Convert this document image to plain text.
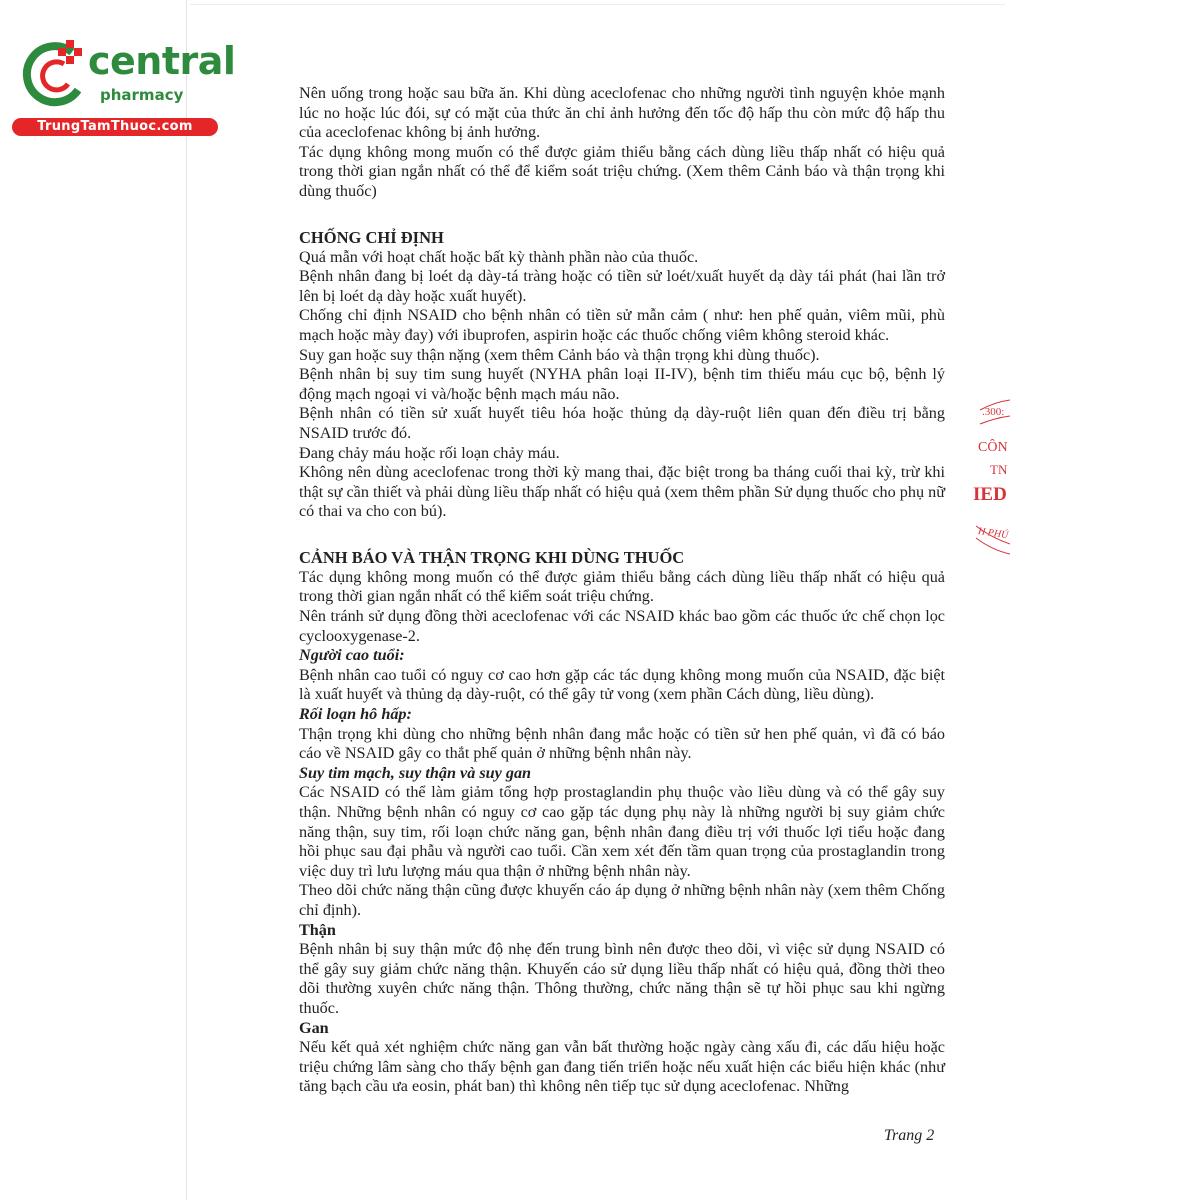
central
pharmacy
TrungTamThuoc.com
.300:
CÔN
TN
IED
H PHÚ

Nên uống trong hoặc sau bữa ăn. Khi dùng aceclofenac cho những người tình nguyện khỏe mạnh lúc no hoặc lúc đói, sự có mặt của thức ăn chỉ ảnh hưởng đến tốc độ hấp thu còn mức độ hấp thu của aceclofenac không bị ảnh hưởng.

Tác dụng không mong muốn có thể được giảm thiểu bằng cách dùng liều thấp nhất có hiệu quả trong thời gian ngắn nhất có thể để kiểm soát triệu chứng. (Xem thêm Cảnh báo và thận trọng khi dùng thuốc)

CHỐNG CHỈ ĐỊNH

Quá mẫn với hoạt chất hoặc bất kỳ thành phần nào của thuốc.

Bệnh nhân đang bị loét dạ dày-tá tràng hoặc có tiền sử loét/xuất huyết dạ dày tái phát (hai lần trở lên bị loét dạ dày hoặc xuất huyết).

Chống chỉ định NSAID cho bệnh nhân có tiền sử mẫn cảm ( như: hen phế quản, viêm mũi, phù mạch hoặc mày đay) với ibuprofen, aspirin hoặc các thuốc chống viêm không steroid khác.

Suy gan hoặc suy thận nặng (xem thêm Cảnh báo và thận trọng khi dùng thuốc).

Bệnh nhân bị suy tim sung huyết (NYHA phân loại II-IV), bệnh tim thiếu máu cục bộ, bệnh lý động mạch ngoại vi và/hoặc bệnh mạch máu não.

Bệnh nhân có tiền sử xuất huyết tiêu hóa hoặc thủng dạ dày-ruột liên quan đến điều trị bằng NSAID trước đó.

Đang chảy máu hoặc rối loạn chảy máu.

Không nên dùng aceclofenac trong thời kỳ mang thai, đặc biệt trong ba tháng cuối thai kỳ, trừ khi thật sự cần thiết và phải dùng liều thấp nhất có hiệu quả (xem thêm phần Sử dụng thuốc cho phụ nữ có thai va cho con bú).

CẢNH BÁO VÀ THẬN TRỌNG KHI DÙNG THUỐC

Tác dụng không mong muốn có thể được giảm thiểu bằng cách dùng liều thấp nhất có hiệu quả trong thời gian ngắn nhất có thể kiểm soát triệu chứng.

Nên tránh sử dụng đồng thời aceclofenac với các NSAID khác bao gồm các thuốc ức chế chọn lọc cyclooxygenase-2.

Người cao tuổi:

Bệnh nhân cao tuổi có nguy cơ cao hơn gặp các tác dụng không mong muốn của NSAID, đặc biệt là xuất huyết và thủng dạ dày-ruột, có thể gây tử vong (xem phần Cách dùng, liều dùng).

Rối loạn hô hấp:

Thận trọng khi dùng cho những bệnh nhân đang mắc hoặc có tiền sử hen phế quản, vì đã có báo cáo về NSAID gây co thắt phế quản ở những bệnh nhân này.

Suy tim mạch, suy thận và suy gan

Các NSAID có thể làm giảm tổng hợp prostaglandin phụ thuộc vào liều dùng và có thể gây suy thận. Những bệnh nhân có nguy cơ cao gặp tác dụng phụ này là những người bị suy giảm chức năng thận, suy tim, rối loạn chức năng gan, bệnh nhân đang điều trị với thuốc lợi tiểu hoặc đang hồi phục sau đại phẫu và người cao tuổi. Cần xem xét đến tầm quan trọng của prostaglandin trong việc duy trì lưu lượng máu qua thận ở những bệnh nhân này.

Theo dõi chức năng thận cũng được khuyến cáo áp dụng ở những bệnh nhân này (xem thêm Chống chỉ định).

Thận

Bệnh nhân bị suy thận mức độ nhẹ đến trung bình nên được theo dõi, vì việc sử dụng NSAID có thể gây suy giảm chức năng thận. Khuyến cáo sử dụng liều thấp nhất có hiệu quả, đồng thời theo dõi thường xuyên chức năng thận. Thông thường, chức năng thận sẽ tự hồi phục sau khi ngừng thuốc.

Gan

Nếu kết quả xét nghiệm chức năng gan vẫn bất thường hoặc ngày càng xấu đi, các dấu hiệu hoặc triệu chứng lâm sàng cho thấy bệnh gan đang tiến triển hoặc nếu xuất hiện các biểu hiện khác (như tăng bạch cầu ưa eosin, phát ban) thì không nên tiếp tục sử dụng aceclofenac. Những

Trang 2
